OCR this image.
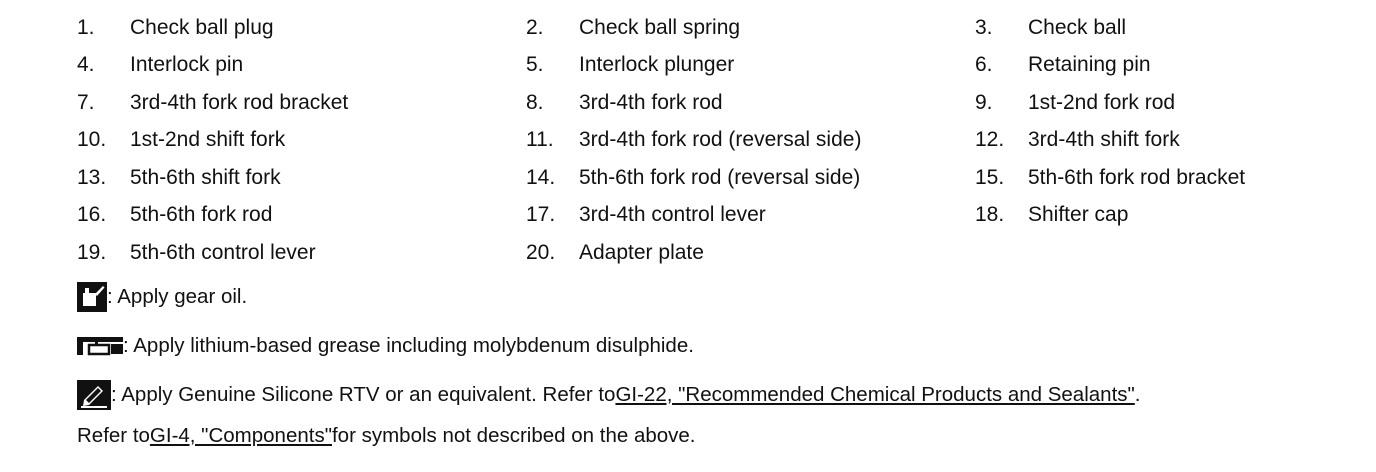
1.	Check ball plug	2.	Check ball spring	3.	Check ball
4.	Interlock pin	5.	Interlock plunger	6.	Retaining pin
7.	3rd-4th fork rod bracket	8.	3rd-4th fork rod	9.	1st-2nd fork rod
10.	1st-2nd shift fork	11.	3rd-4th fork rod (reversal side)	12.	3rd-4th shift fork
13.	5th-6th shift fork	14.	5th-6th fork rod (reversal side)	15.	5th-6th fork rod bracket
16.	5th-6th fork rod	17.	3rd-4th control lever	18.	Shifter cap
19.	5th-6th control lever	20.	Adapter plate
: Apply gear oil.
: Apply lithium-based grease including molybdenum disulphide.
: Apply Genuine Silicone RTV or an equivalent. Refer to GI-22, "Recommended Chemical Products and Sealants" .
Refer to GI-4, "Components" for symbols not described on the above.
